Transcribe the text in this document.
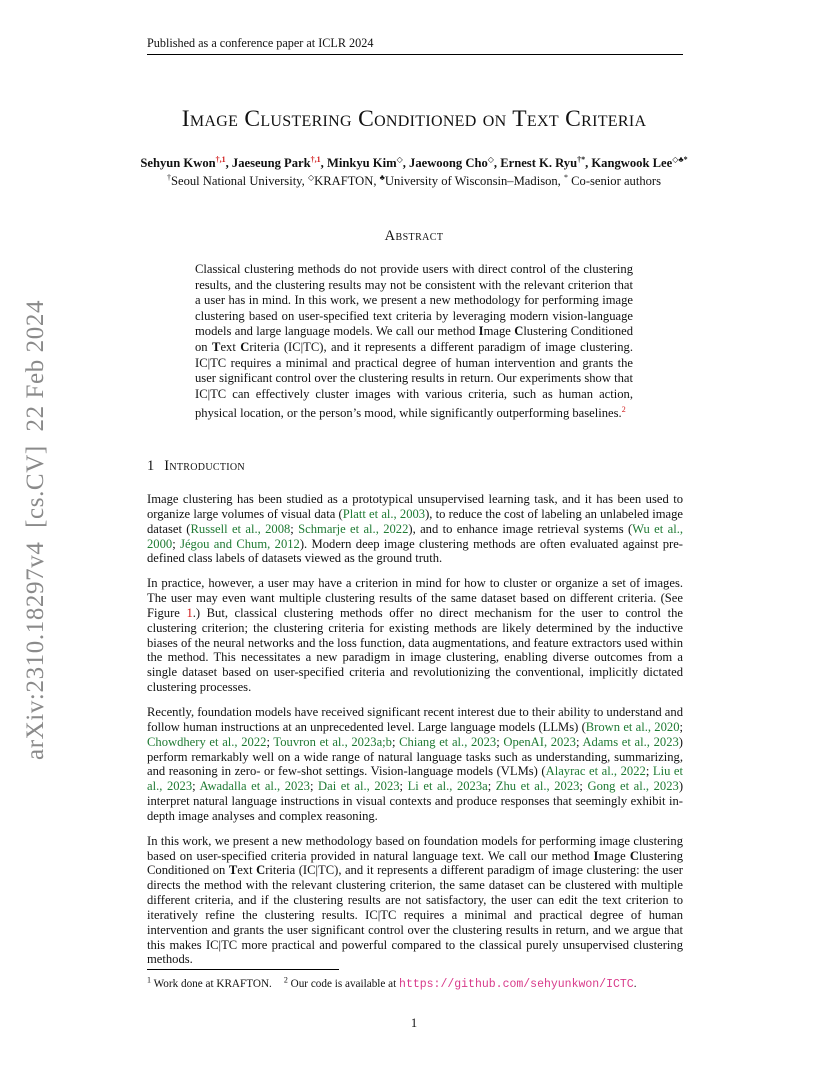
Published as a conference paper at ICLR 2024
arXiv:2310.18297v4  [cs.CV]  22 Feb 2024
Image Clustering Conditioned on Text Criteria
Sehyun Kwon$^{\dagger,1}$, Jaeseung Park$^{\dagger,1}$, Minkyu Kim◇, Jaewoong Cho◇, Ernest K. Ryu†*, Kangwook Lee◇♣*
†Seoul National University, ◇KRAFTON, ♣University of Wisconsin–Madison, * Co-senior authors
Abstract
Classical clustering methods do not provide users with direct control of the clustering results, and the clustering results may not be consistent with the relevant criterion that a user has in mind. In this work, we present a new methodology for performing image clustering based on user-specified text criteria by leveraging modern vision-language models and large language models. We call our method Image Clustering Conditioned on Text Criteria (IC|TC), and it represents a different paradigm of image clustering. IC|TC requires a minimal and practical degree of human intervention and grants the user significant control over the clustering results in return. Our experiments show that IC|TC can effectively cluster images with various criteria, such as human action, physical location, or the person’s mood, while significantly outperforming baselines.$^2$
1 Introduction

Image clustering has been studied as a prototypical unsupervised learning task, and it has been used to organize large volumes of visual data (Platt et al., 2003), to reduce the cost of labeling an unlabeled image dataset (Russell et al., 2008; Schmarje et al., 2022), and to enhance image retrieval systems (Wu et al., 2000; Jégou and Chum, 2012). Modern deep image clustering methods are often evaluated against pre-defined class labels of datasets viewed as the ground truth.

In practice, however, a user may have a criterion in mind for how to cluster or organize a set of images. The user may even want multiple clustering results of the same dataset based on different criteria. (See Figure 1.) But, classical clustering methods offer no direct mechanism for the user to control the clustering criterion; the clustering criteria for existing methods are likely determined by the inductive biases of the neural networks and the loss function, data augmentations, and feature extractors used within the method. This necessitates a new paradigm in image clustering, enabling diverse outcomes from a single dataset based on user-specified criteria and revolutionizing the conventional, implicitly dictated clustering processes.

Recently, foundation models have received significant recent interest due to their ability to understand and follow human instructions at an unprecedented level. Large language models (LLMs) (Brown et al., 2020; Chowdhery et al., 2022; Touvron et al., 2023a;b; Chiang et al., 2023; OpenAI, 2023; Adams et al., 2023) perform remarkably well on a wide range of natural language tasks such as understanding, summarizing, and reasoning in zero- or few-shot settings. Vision-language models (VLMs) (Alayrac et al., 2022; Liu et al., 2023; Awadalla et al., 2023; Dai et al., 2023; Li et al., 2023a; Zhu et al., 2023; Gong et al., 2023) interpret natural language instructions in visual contexts and produce responses that seemingly exhibit in-depth image analyses and complex reasoning.

In this work, we present a new methodology based on foundation models for performing image clustering based on user-specified criteria provided in natural language text. We call our method Image Clustering Conditioned on Text Criteria (IC|TC), and it represents a different paradigm of image clustering: the user directs the method with the relevant clustering criterion, the same dataset can be clustered with multiple different criteria, and if the clustering results are not satisfactory, the user can edit the text criterion to iteratively refine the clustering results. IC|TC requires a minimal and practical degree of human intervention and grants the user significant control over the clustering results in return, and we argue that this makes IC|TC more practical and powerful compared to the classical purely unsupervised clustering methods.

$^1$ Work done at KRAFTON. $^2$ Our code is available at https://github.com/sehyunkwon/ICTC.
1
